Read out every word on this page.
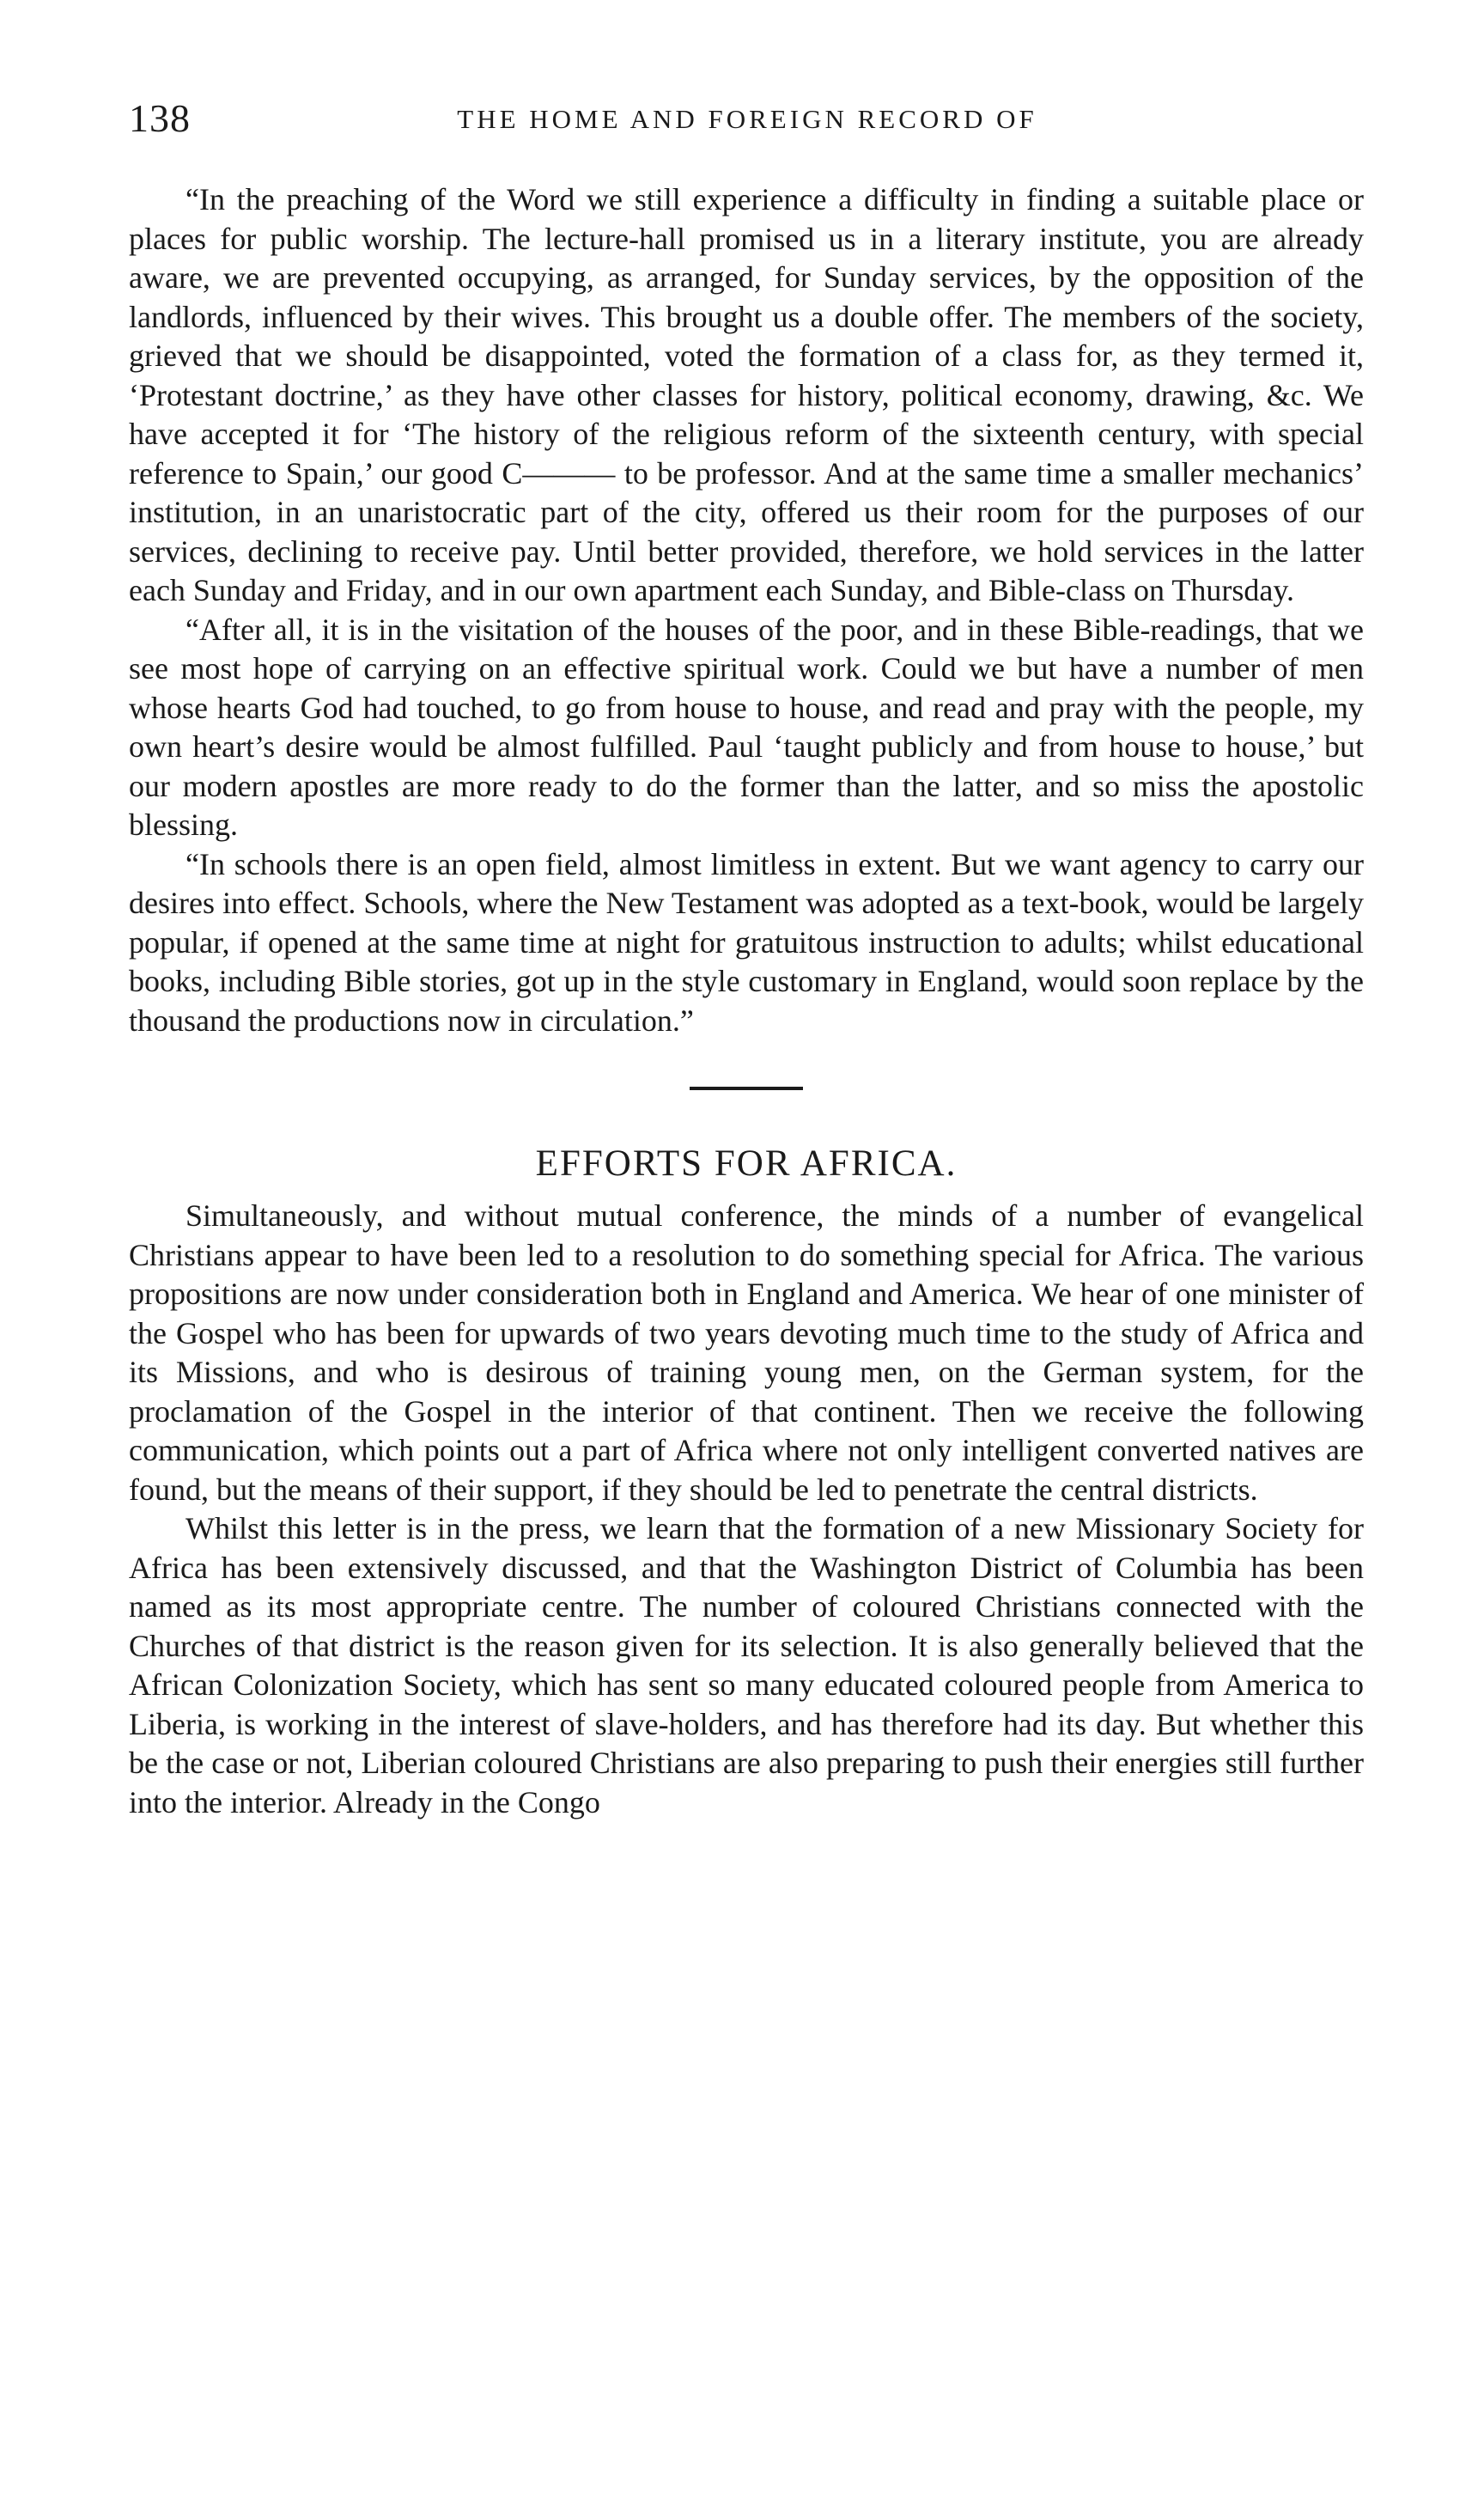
138	THE HOME AND FOREIGN RECORD OF

“In the preaching of the Word we still experience a difficulty in finding a suitable place or places for public worship. The lecture-hall promised us in a literary institute, you are already aware, we are prevented occupying, as arranged, for Sunday services, by the opposition of the landlords, influenced by their wives. This brought us a double offer. The members of the society, grieved that we should be disappointed, voted the formation of a class for, as they termed it, ‘Protestant doctrine,’ as they have other classes for history, political economy, drawing, &c. We have accepted it for ‘The history of the religious reform of the sixteenth century, with special reference to Spain,’ our good C——— to be professor. And at the same time a smaller mechanics’ institution, in an unaristocratic part of the city, offered us their room for the purposes of our services, declining to receive pay. Until better provided, therefore, we hold services in the latter each Sunday and Friday, and in our own apartment each Sunday, and Bible-class on Thursday.

“After all, it is in the visitation of the houses of the poor, and in these Bible-readings, that we see most hope of carrying on an effective spiritual work. Could we but have a number of men whose hearts God had touched, to go from house to house, and read and pray with the people, my own heart’s desire would be almost fulfilled. Paul ‘taught publicly and from house to house,’ but our modern apostles are more ready to do the former than the latter, and so miss the apostolic blessing.

“In schools there is an open field, almost limitless in extent. But we want agency to carry our desires into effect. Schools, where the New Testament was adopted as a text-book, would be largely popular, if opened at the same time at night for gratuitous instruction to adults; whilst educational books, including Bible stories, got up in the style customary in England, would soon replace by the thousand the productions now in circulation.”

EFFORTS FOR AFRICA.

Simultaneously, and without mutual conference, the minds of a number of evangelical Christians appear to have been led to a resolution to do something special for Africa. The various propositions are now under consideration both in England and America. We hear of one minister of the Gospel who has been for upwards of two years devoting much time to the study of Africa and its Missions, and who is desirous of training young men, on the German system, for the proclamation of the Gospel in the interior of that continent. Then we receive the following communication, which points out a part of Africa where not only intelligent converted natives are found, but the means of their support, if they should be led to penetrate the central districts.

Whilst this letter is in the press, we learn that the formation of a new Missionary Society for Africa has been extensively discussed, and that the Washington District of Columbia has been named as its most appropriate centre. The number of coloured Christians connected with the Churches of that district is the reason given for its selection. It is also generally believed that the African Colonization Society, which has sent so many educated coloured people from America to Liberia, is working in the interest of slave-holders, and has therefore had its day. But whether this be the case or not, Liberian coloured Christians are also preparing to push their energies still further into the interior. Already in the Congo
